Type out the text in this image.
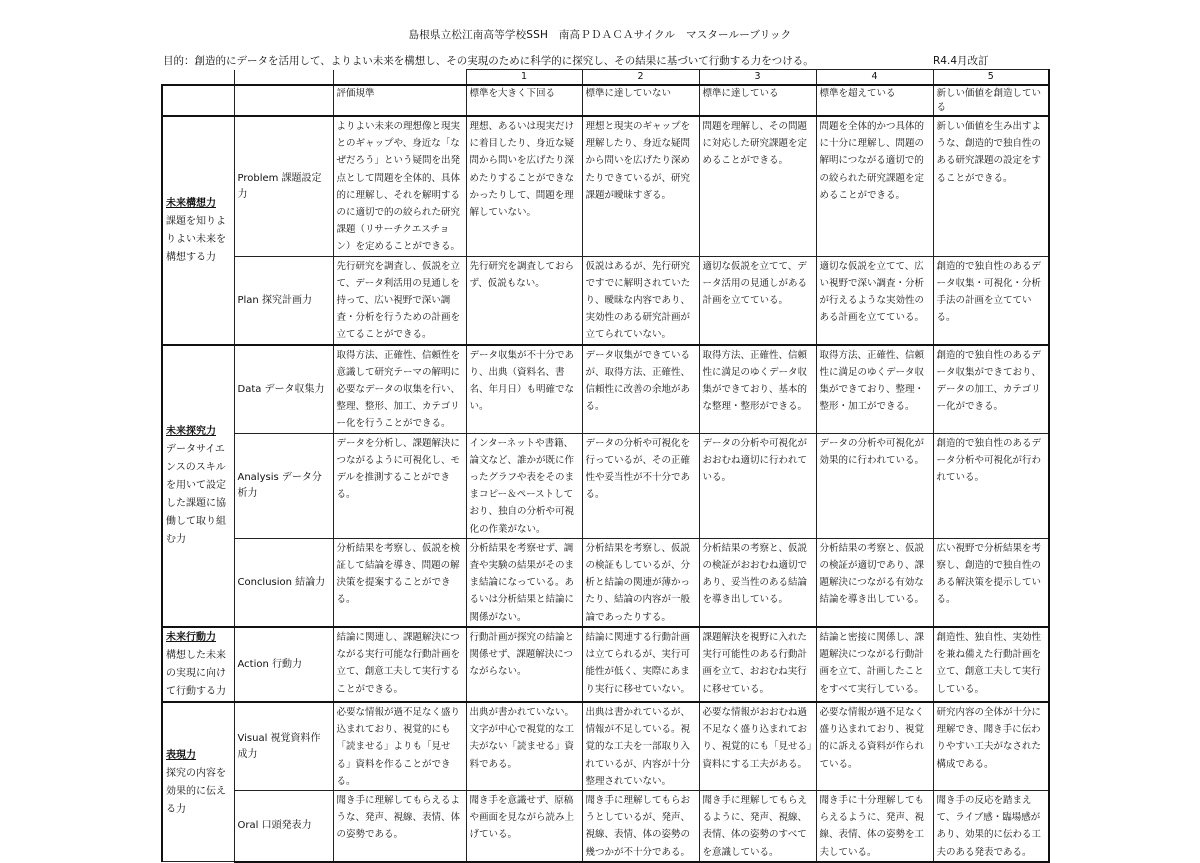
島根県立松江南高等学校SSH　南高ＰＤＡＣＡサイクル　マスタールーブリック
目的：創造的にデータを活用して、よりよい未来を構想し、その実現のために科学的に探究し、その結果に基づいて行動する力をつける。	R4.4月改訂
			1	2	3	4	5
		評価規準	標準を大きく下回る	標準に達していない	標準に達している	標準を超えている	新しい価値を創造している

未来構想力
課題を知りよりよい未来を構想する力	Problem 課題設定力	よりよい未来の理想像と現実とのギャップや、身近な「なぜだろう」という疑問を出発点として問題を全体的、具体的に理解し、それを解明するのに適切で的の絞られた研究課題（リサーチクエスチョン）を定めることができる。	理想、あるいは現実だけに着目したり、身近な疑問から問いを広げたり深めたりすることができなかったりして、問題を理解していない。	理想と現実のギャップを理解したり、身近な疑問から問いを広げたり深めたりできているが、研究課題が曖昧すぎる。	問題を理解し、その問題に対応した研究課題を定めることができる。	問題を全体的かつ具体的に十分に理解し、問題の解明につながる適切で的の絞られた研究課題を定めることができる。	新しい価値を生み出すような、創造的で独自性のある研究課題の設定をすることができる。
	Plan 探究計画力	先行研究を調査し、仮説を立て、データ利活用の見通しを持って、広い視野で深い調査・分析を行うための計画を立てることができる。	先行研究を調査しておらず、仮説もない。	仮説はあるが、先行研究ですでに解明されていたり、曖昧な内容であり、実効性のある研究計画が立てられていない。	適切な仮説を立てて、データ活用の見通しがある計画を立てている。	適切な仮説を立てて、広い視野で深い調査・分析が行えるような実効性のある計画を立てている。	創造的で独自性のあるデータ収集・可視化・分析手法の計画を立てている。

未来探究力
データサイエンスのスキルを用いて設定した課題に協働して取り組む力	Data データ収集力	取得方法、正確性、信頼性を意識して研究テーマの解明に必要なデータの収集を行い、整理、整形、加工、カテゴリー化を行うことができる。	データ収集が不十分であり、出典（資料名、書名、年月日）も明確でない。	データ収集ができているが、取得方法、正確性、信頼性に改善の余地がある。	取得方法、正確性、信頼性に満足のゆくデータ収集ができており、基本的な整理・整形ができる。	取得方法、正確性、信頼性に満足のゆくデータ収集ができており、整理・整形・加工ができる。	創造的で独自性のあるデータ収集ができており、データの加工、カテゴリー化ができる。
	Analysis データ分析力	データを分析し、課題解決につながるように可視化し、モデルを推測することができる。	インターネットや書籍、論文など、誰かが既に作ったグラフや表をそのままコピー＆ペーストしており、独自の分析や可視化の作業がない。	データの分析や可視化を行っているが、その正確性や妥当性が不十分である。	データの分析や可視化がおおむね適切に行われている。	データの分析や可視化が効果的に行われている。	創造的で独自性のあるデータ分析や可視化が行われている。
	Conclusion 結論力	分析結果を考察し、仮説を検証して結論を導き、問題の解決策を提案することができる。	分析結果を考察せず、調査や実験の結果がそのまま結論になっている。あるいは分析結果と結論に関係がない。	分析結果を考察し、仮説の検証もしているが、分析と結論の関連が薄かったり、結論の内容が一般論であったりする。	分析結果の考察と、仮説の検証がおおむね適切であり、妥当性のある結論を導き出している。	分析結果の考察と、仮説の検証が適切であり、課題解決につながる有効な結論を導き出している。	広い視野で分析結果を考察し、創造的で独自性のある解決策を提示している。

未来行動力
構想した未来の実現に向けて行動する力	Action 行動力	結論に関連し、課題解決につながる実行可能な行動計画を立て、創意工夫して実行することができる。	行動計画が探究の結論と関係せず、課題解決につながらない。	結論に関連する行動計画は立てられるが、実行可能性が低く、実際にあまり実行に移せていない。	課題解決を視野に入れた実行可能性のある行動計画を立て、おおむね実行に移せている。	結論と密接に関係し、課題解決につながる行動計画を立て、計画したことをすべて実行している。	創造性、独自性、実効性を兼ね備えた行動計画を立て、創意工夫して実行している。

表現力
探究の内容を効果的に伝える力	Visual 視覚資料作成力	必要な情報が過不足なく盛り込まれており、視覚的にも「読ませる」よりも「見せる」資料を作ることができる。	出典が書かれていない。文字が中心で視覚的な工夫がない「読ませる」資料である。	出典は書かれているが、情報が不足している。視覚的な工夫を一部取り入れているが、内容が十分整理されていない。	必要な情報がおおむね過不足なく盛り込まれており、視覚的にも「見せる」資料にする工夫がある。	必要な情報が過不足なく盛り込まれており、視覚的に訴える資料が作られている。	研究内容の全体が十分に理解でき、聞き手に伝わりやすい工夫がなされた構成である。
	Oral 口頭発表力	聞き手に理解してもらえるような、発声、視線、表情、体の姿勢である。	聞き手を意識せず、原稿や画面を見ながら読み上げている。	聞き手に理解してもらおうとしているが、発声、視線、表情、体の姿勢の幾つかが不十分である。	聞き手に理解してもらえるように、発声、視線、表情、体の姿勢のすべてを意識している。	聞き手に十分理解してもらえるように、発声、視線、表情、体の姿勢を工夫している。	聞き手の反応を踏まえて、ライブ感・臨場感があり、効果的に伝わる工夫のある発表である。
